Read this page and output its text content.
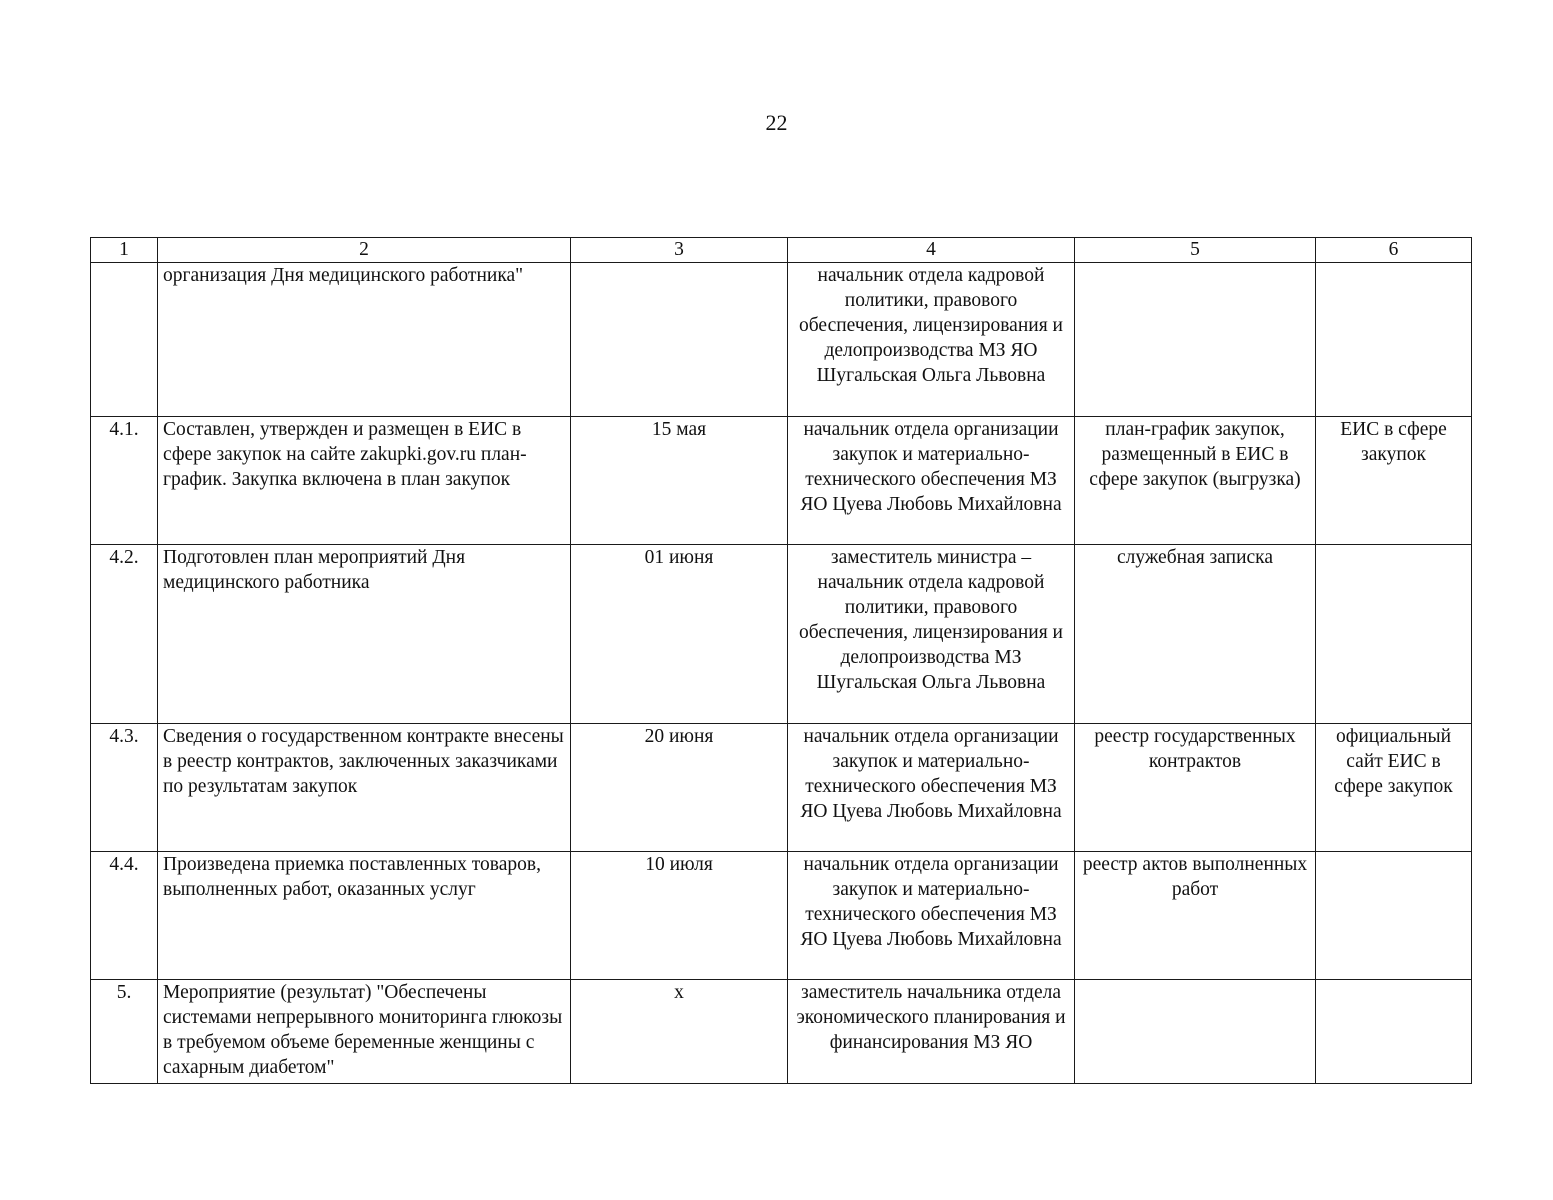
22
1	2	3	4	5	6
	организация Дня медицинского работника"		начальник отдела кадровой политики, правового обеспечения, лицензирования и делопроизводства МЗ ЯО Шугальская Ольга Львовна		
4.1.	Составлен, утвержден и размещен в ЕИС в сфере закупок на сайте zakupki.gov.ru план-график. Закупка включена в план закупок	15 мая	начальник отдела организации закупок и материально-технического обеспечения МЗ ЯО Цуева Любовь Михайловна	план-график закупок, размещенный в ЕИС в сфере закупок (выгрузка)	ЕИС в сфере закупок
4.2.	Подготовлен план мероприятий Дня медицинского работника	01 июня	заместитель министра – начальник отдела кадровой политики, правового обеспечения, лицензирования и делопроизводства МЗ Шугальская Ольга Львовна	служебная записка	
4.3.	Сведения о государственном контракте внесены в реестр контрактов, заключенных заказчиками по результатам закупок	20 июня	начальник отдела организации закупок и материально-технического обеспечения МЗ ЯО Цуева Любовь Михайловна	реестр государственных контрактов	официальный сайт ЕИС в сфере закупок
4.4.	Произведена приемка поставленных товаров, выполненных работ, оказанных услуг	10 июля	начальник отдела организации закупок и материально-технического обеспечения МЗ ЯО Цуева Любовь Михайловна	реестр актов выполненных работ	
5.	Мероприятие (результат) "Обеспечены системами непрерывного мониторинга глюкозы в требуемом объеме беременные женщины с сахарным диабетом"	х	заместитель начальника отдела экономического планирования и финансирования МЗ ЯО		
